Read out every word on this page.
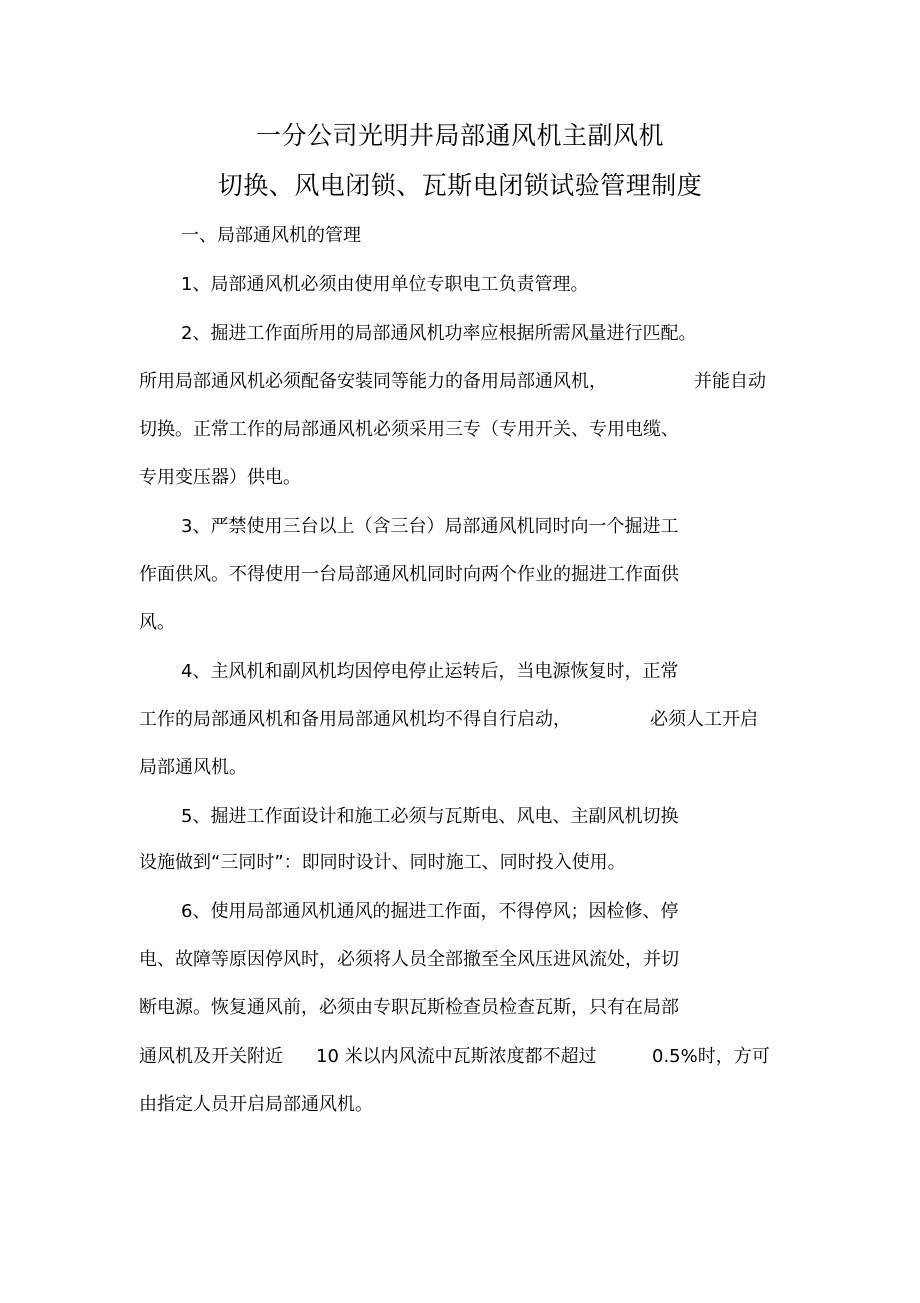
一分公司光明井局部通风机主副风机
切换、风电闭锁、瓦斯电闭锁试验管理制度
一、局部通风机的管理
1、局部通风机必须由使用单位专职电工负责管理。
2、掘进工作面所用的局部通风机功率应根据所需风量进行匹配。
所用局部通风机必须配备安装同等能力的备用局部通风机，	并能自动
切换。正常工作的局部通风机必须采用三专（专用开关、专用电缆、
专用变压器）供电。
3、严禁使用三台以上（含三台）局部通风机同时向一个掘进工
作面供风。不得使用一台局部通风机同时向两个作业的掘进工作面供
风。
4、主风机和副风机均因停电停止运转后，当电源恢复时，正常
工作的局部通风机和备用局部通风机均不得自行启动，	必须人工开启
局部通风机。
5、掘进工作面设计和施工必须与瓦斯电、风电、主副风机切换
设施做到“三同时”：即同时设计、同时施工、同时投入使用。
6、使用局部通风机通风的掘进工作面，不得停风；因检修、停
电、故障等原因停风时，必须将人员全部撤至全风压进风流处，并切
断电源。恢复通风前，必须由专职瓦斯检查员检查瓦斯，只有在局部
通风机及开关附近 10 米以内风流中瓦斯浓度都不超过	0.5%时，方可
由指定人员开启局部通风机。
